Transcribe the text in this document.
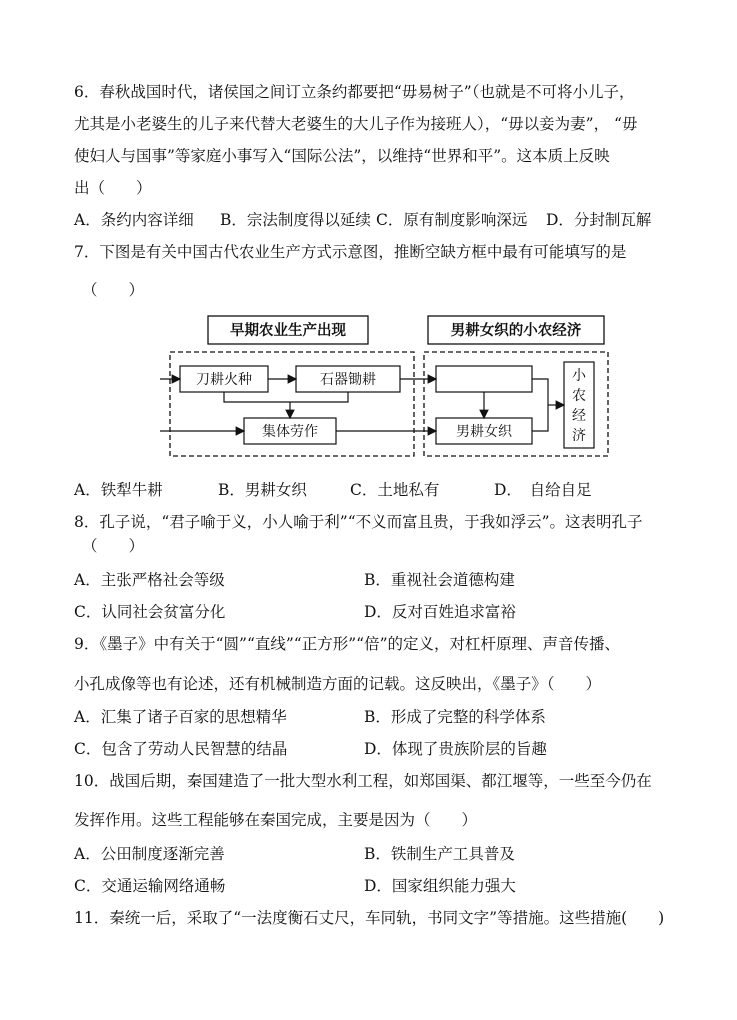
6．春秋战国时代，诸侯国之间订立条约都要把“毋易树子”（也就是不可将小儿子，
尤其是小老婆生的儿子来代替大老婆生的大儿子作为接班人），“毋以妾为妻”， “毋
使妇人与国事”等家庭小事写入“国际公法”，以维持“世界和平”。这本质上反映
出（　　）
A．条约内容详细 B．宗法制度得以延续 C．原有制度影响深远 D．分封制瓦解
7．下图是有关中国古代农业生产方式示意图，推断空缺方框中最有可能填写的是
（　　）
早期农业生产出现	男耕女织的小农经济
刀耕火种	石器锄耕
集体劳作	男耕女织
小
农
经
济
A．铁犁牛耕	B．男耕女织	C．土地私有	D．　自给自足
8．孔子说，“君子喻于义，小人喻于利”“不义而富且贵，于我如浮云”。这表明孔子
（　　）
A．主张严格社会等级	B．重视社会道德构建
C．认同社会贫富分化	D．反对百姓追求富裕
9．《墨子》中有关于“圆”“直线”“正方形”“倍”的定义，对杠杆原理、声音传播、
小孔成像等也有论述，还有机械制造方面的记载。这反映出，《墨子》（　　）
A．汇集了诸子百家的思想精华	B．形成了完整的科学体系
C．包含了劳动人民智慧的结晶	D．体现了贵族阶层的旨趣
10．战国后期，秦国建造了一批大型水利工程，如郑国渠、都江堰等，一些至今仍在
发挥作用。这些工程能够在秦国完成，主要是因为（　　）
A．公田制度逐渐完善	B．铁制生产工具普及
C．交通运输网络通畅	D．国家组织能力强大
11．秦统一后，采取了“一法度衡石丈尺，车同轨，书同文字”等措施。这些措施(　　)
